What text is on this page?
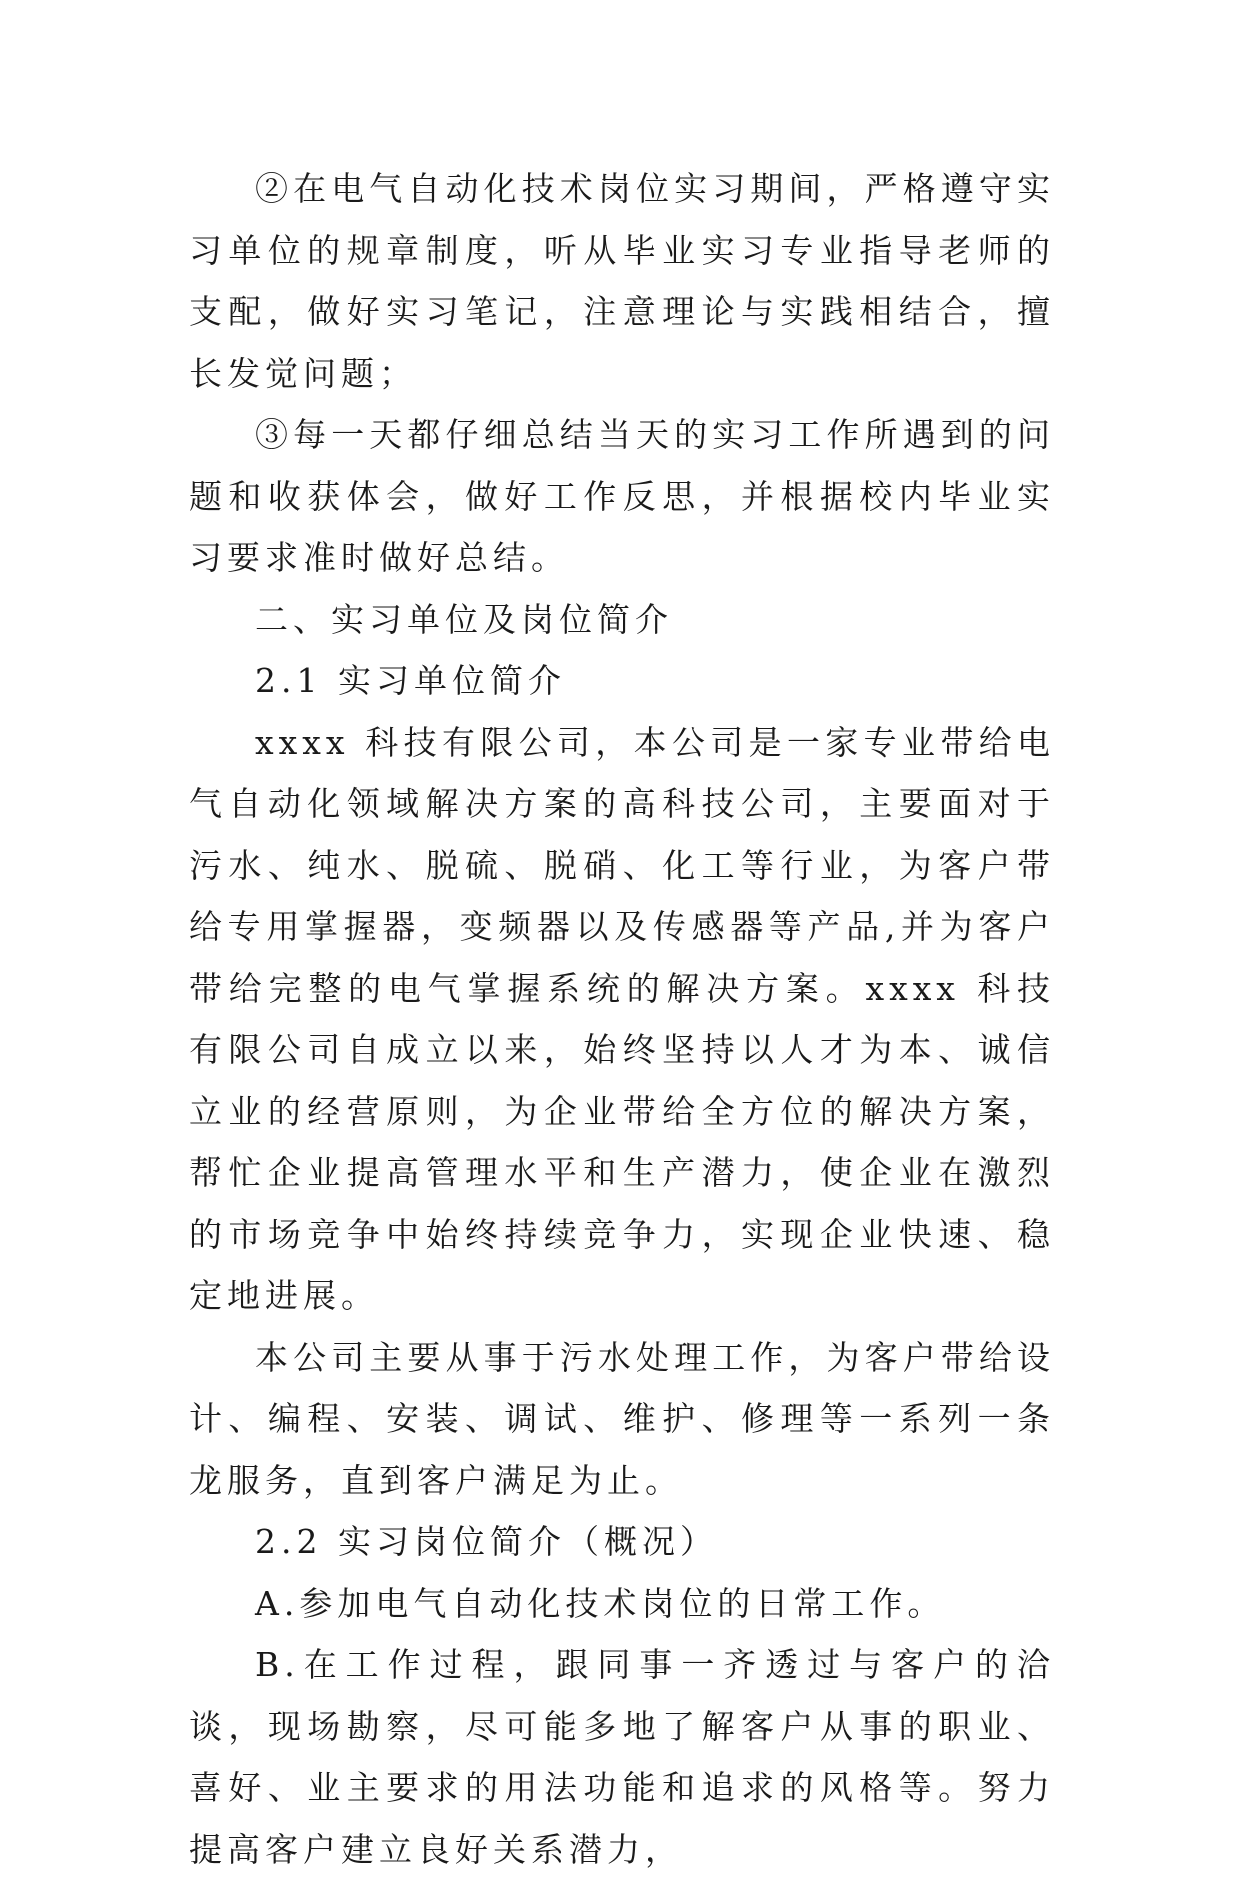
②在电气自动化技术岗位实习期间，严格遵守实习单位的规章制度，听从毕业实习专业指导老师的支配，做好实习笔记，注意理论与实践相结合，擅长发觉问题；

③每一天都仔细总结当天的实习工作所遇到的问题和收获体会，做好工作反思，并根据校内毕业实习要求准时做好总结。

二、实习单位及岗位简介

2.1 实习单位简介

xxxx 科技有限公司，本公司是一家专业带给电气自动化领域解决方案的高科技公司，主要面对于污水、纯水、脱硫、脱硝、化工等行业，为客户带给专用掌握器，变频器以及传感器等产品,并为客户带给完整的电气掌握系统的解决方案。xxxx 科技有限公司自成立以来，始终坚持以人才为本、诚信立业的经营原则，为企业带给全方位的解决方案，帮忙企业提高管理水平和生产潜力，使企业在激烈的市场竞争中始终持续竞争力，实现企业快速、稳定地进展。

本公司主要从事于污水处理工作，为客户带给设计、编程、安装、调试、维护、修理等一系列一条龙服务，直到客户满足为止。

2.2 实习岗位简介（概况）

A.参加电气自动化技术岗位的日常工作。

B.在工作过程，跟同事一齐透过与客户的洽谈，现场勘察，尽可能多地了解客户从事的职业、喜好、业主要求的用法功能和追求的风格等。努力提高客户建立良好关系潜力，
